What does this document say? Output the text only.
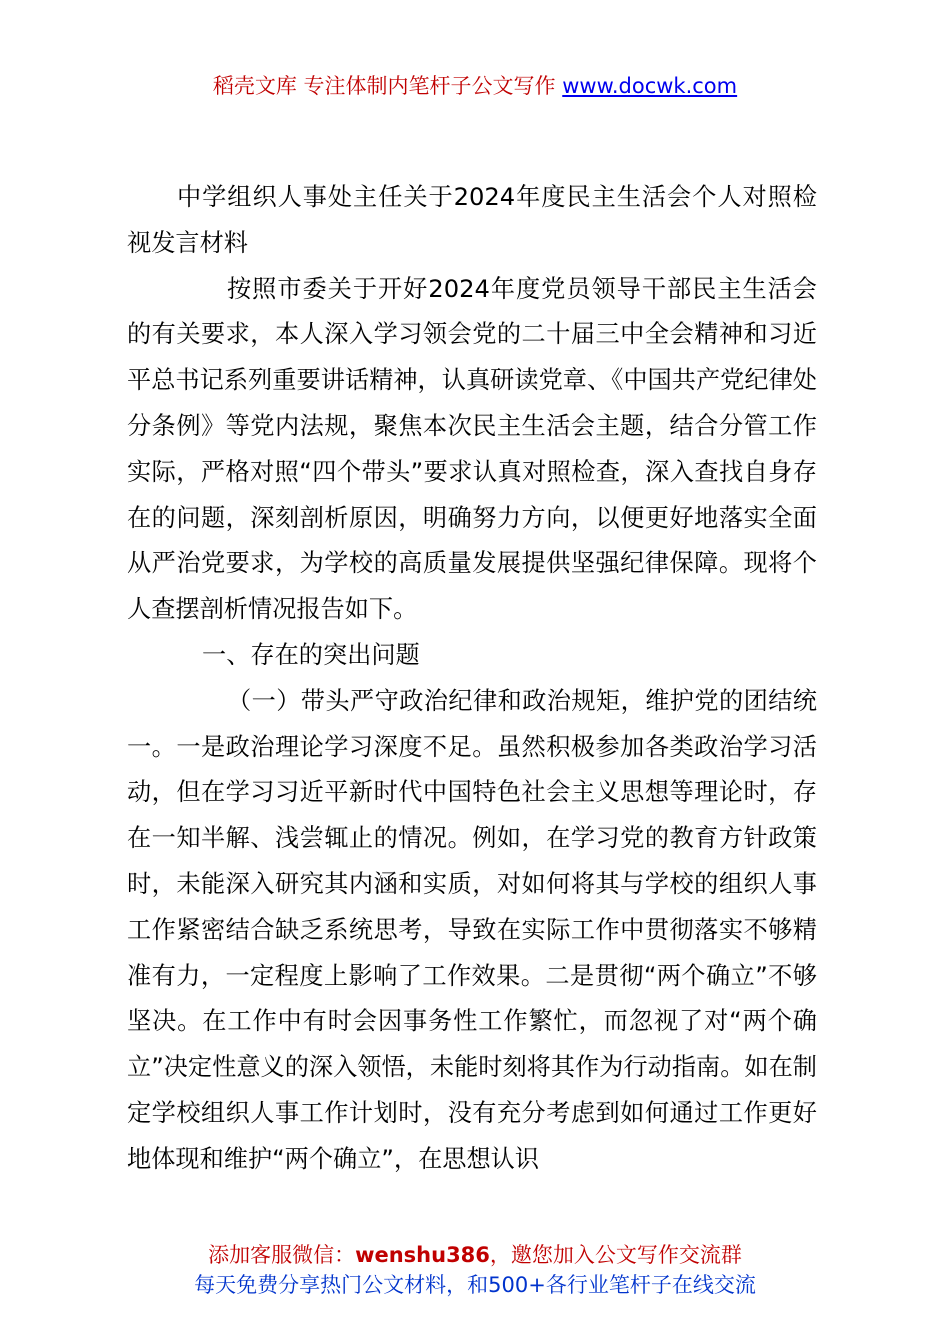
稻壳文库 专注体制内笔杆子公文写作 www.docwk.com

中学组织人事处主任关于2024年度民主生活会个人对照检视发言材料

按照市委关于开好2024年度党员领导干部民主生活会的有关要求，本人深入学习领会党的二十届三中全会精神和习近平总书记系列重要讲话精神，认真研读党章、《中国共产党纪律处分条例》等党内法规，聚焦本次民主生活会主题，结合分管工作实际，严格对照“四个带头”要求认真对照检查，深入查找自身存在的问题，深刻剖析原因，明确努力方向，以便更好地落实全面从严治党要求，为学校的高质量发展提供坚强纪律保障。现将个人查摆剖析情况报告如下。

一、存在的突出问题

（一）带头严守政治纪律和政治规矩，维护党的团结统一。一是政治理论学习深度不足。虽然积极参加各类政治学习活动，但在学习习近平新时代中国特色社会主义思想等理论时，存在一知半解、浅尝辄止的情况。例如，在学习党的教育方针政策时，未能深入研究其内涵和实质，对如何将其与学校的组织人事工作紧密结合缺乏系统思考，导致在实际工作中贯彻落实不够精准有力，一定程度上影响了工作效果。二是贯彻“两个确立”不够坚决。在工作中有时会因事务性工作繁忙，而忽视了对“两个确立”决定性意义的深入领悟，未能时刻将其作为行动指南。如在制定学校组织人事工作计划时，没有充分考虑到如何通过工作更好地体现和维护“两个确立”，在思想认识

添加客服微信：wenshu386，邀您加入公文写作交流群
每天免费分享热门公文材料，和500+各行业笔杆子在线交流
